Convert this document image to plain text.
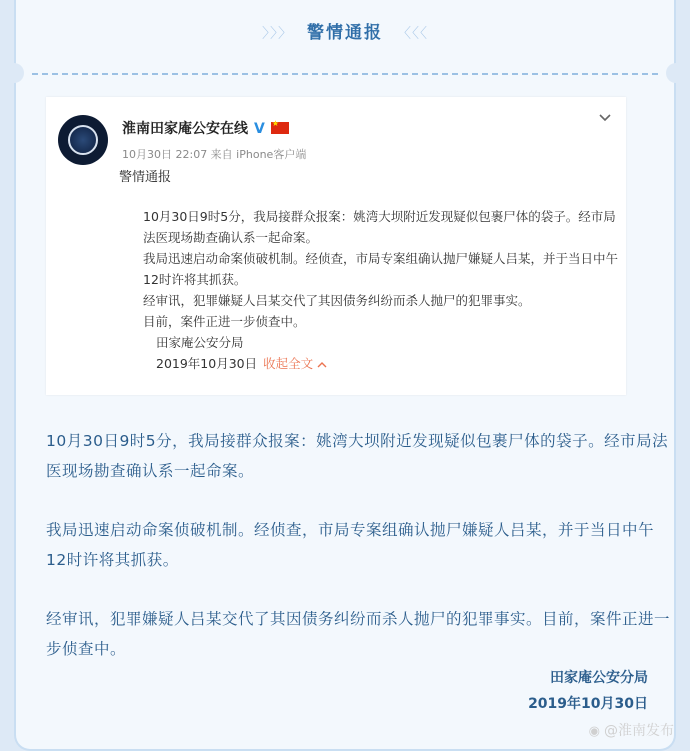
〉〉〉 警情通报 〈〈〈
淮南田家庵公安在线 V★
10月30日 22:07 来自 iPhone客户端
警情通报

10月30日9时5分，我局接群众报案：姚湾大坝附近发现疑似包裹尸体的袋子。经市局法医现场勘查确认系一起命案。

我局迅速启动命案侦破机制。经侦查，市局专案组确认抛尸嫌疑人吕某，并于当日中午12时许将其抓获。

经审讯，犯罪嫌疑人吕某交代了其因债务纠纷而杀人抛尸的犯罪事实。

目前，案件正进一步侦查中。

田家庵公安分局

2019年10月30日 收起全文

10月30日9时5分，我局接群众报案：姚湾大坝附近发现疑似包裹尸体的袋子。经市局法医现场勘查确认系一起命案。

我局迅速启动命案侦破机制。经侦查，市局专案组确认抛尸嫌疑人吕某，并于当日中午12时许将其抓获。

经审讯，犯罪嫌疑人吕某交代了其因债务纠纷而杀人抛尸的犯罪事实。目前，案件正进一步侦查中。

田家庵公安分局
2019年10月30日
◉ @淮南发布
